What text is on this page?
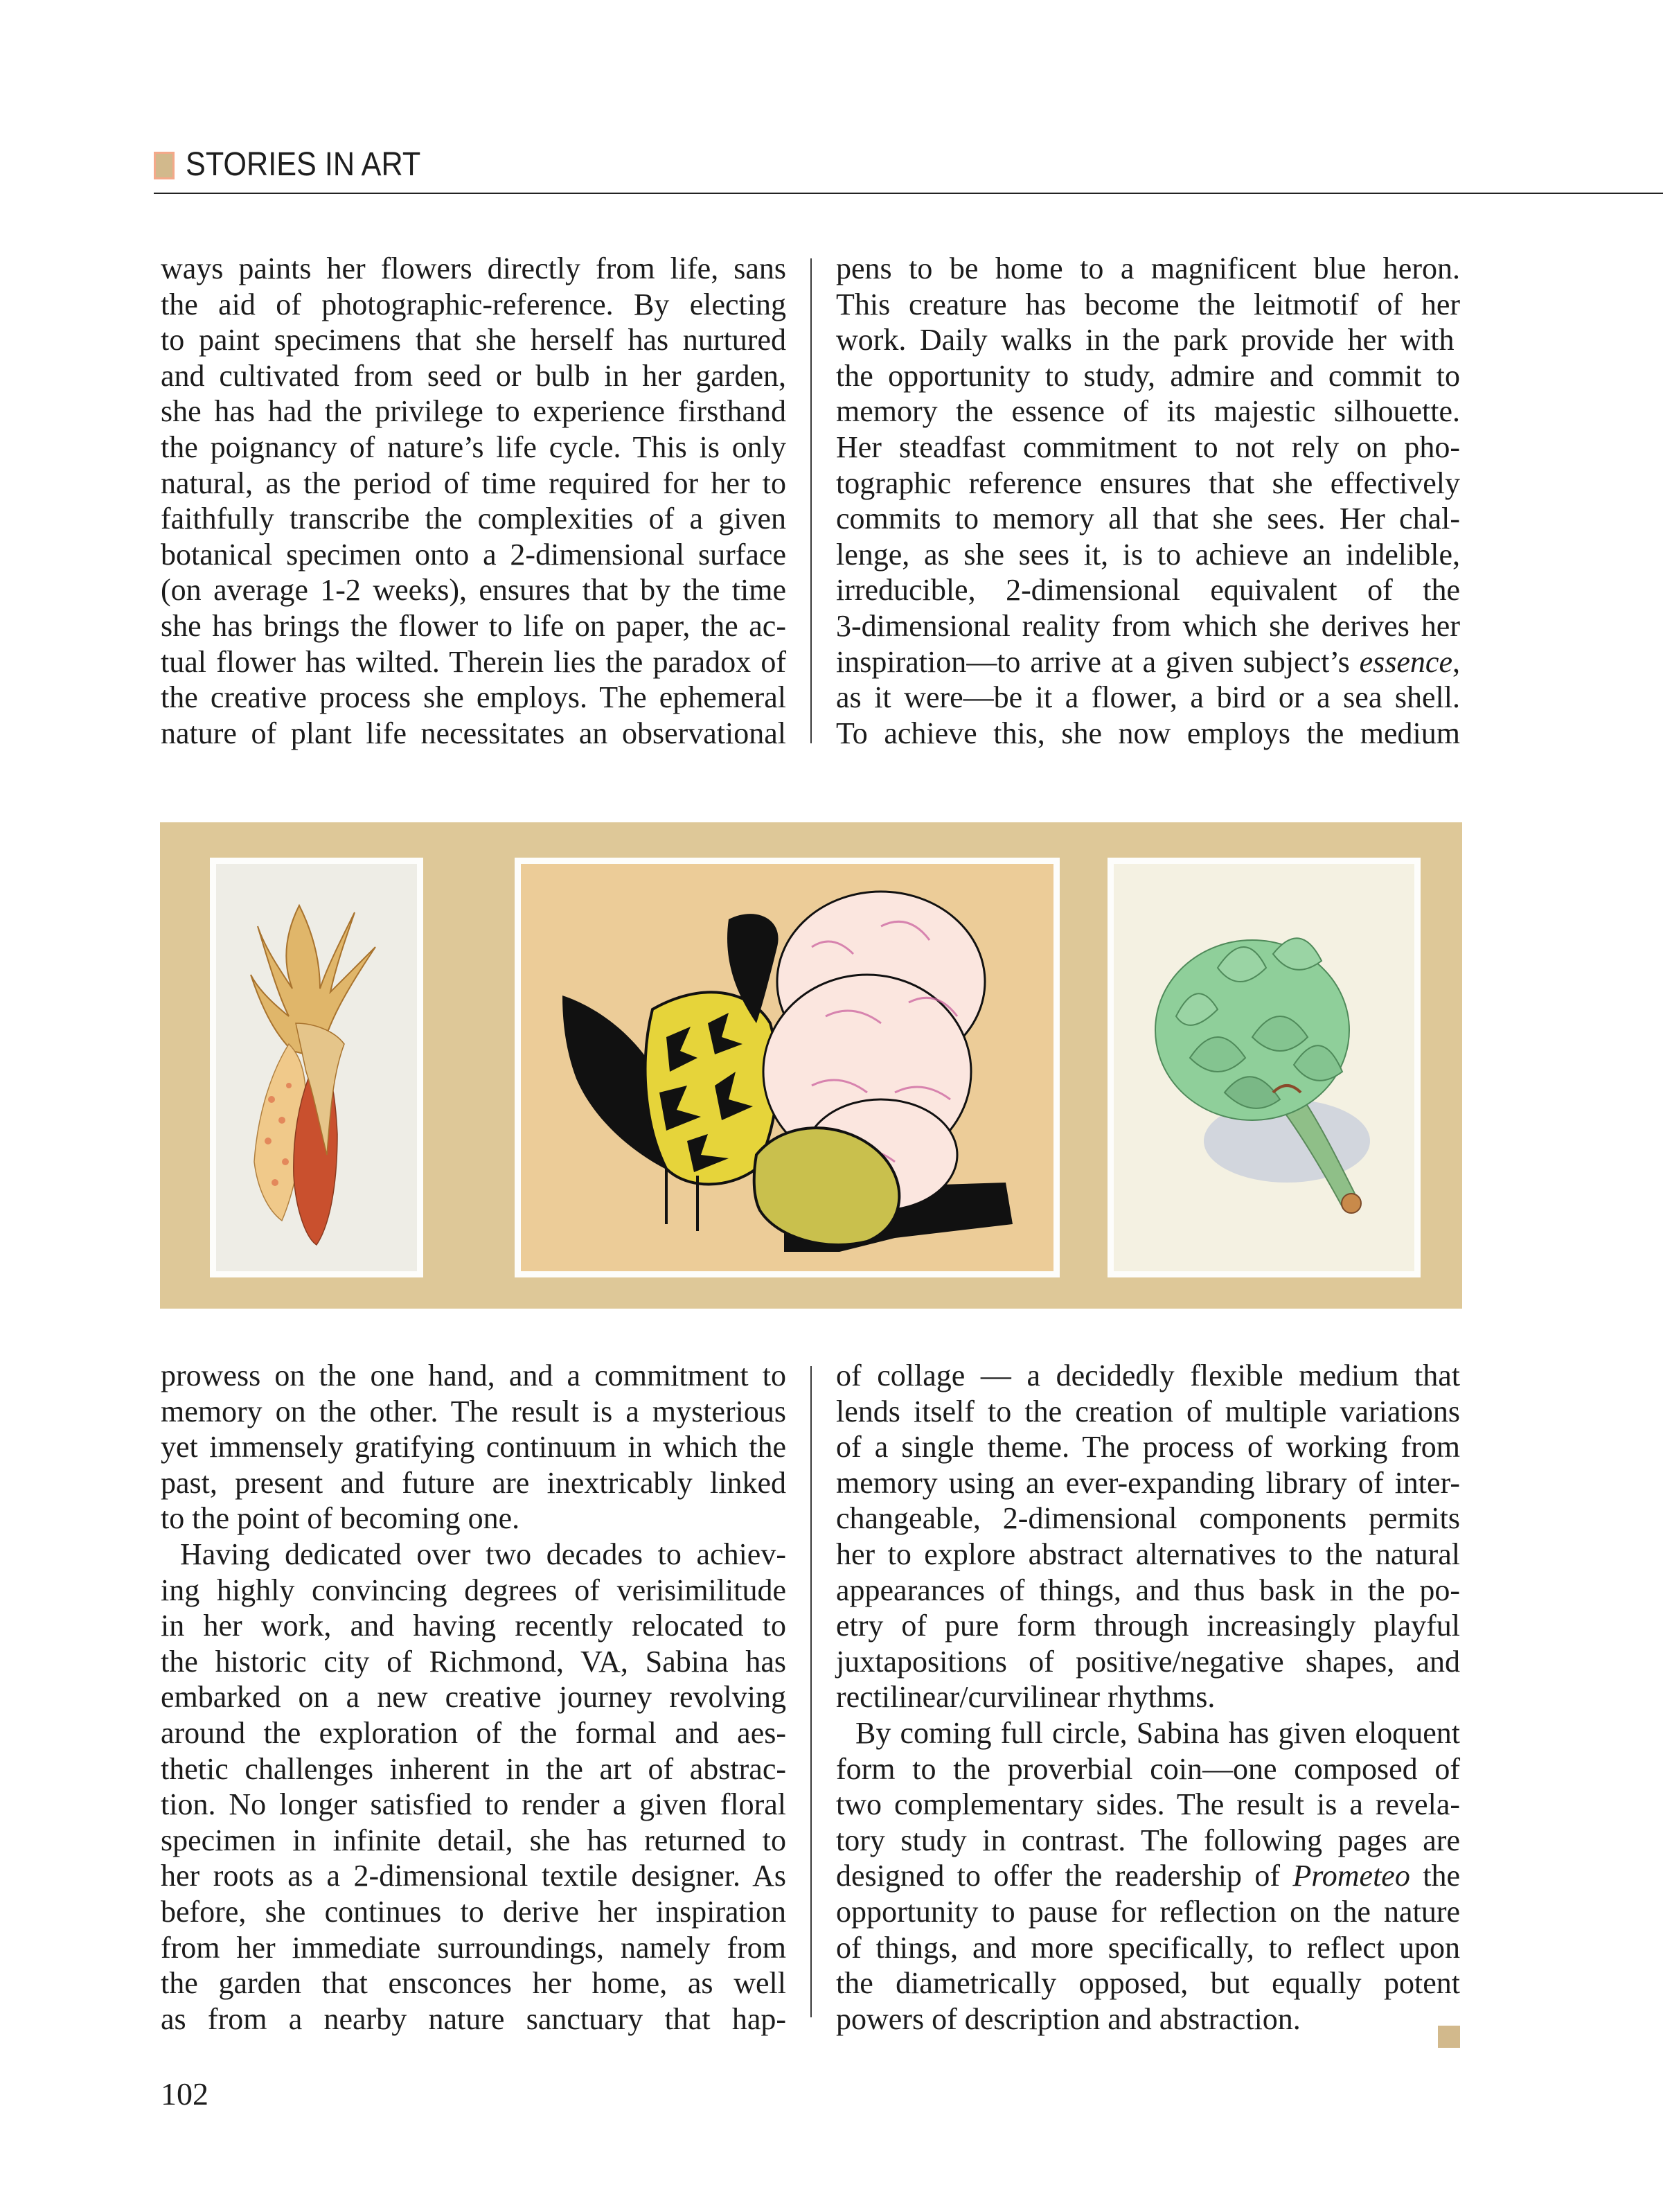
STORIES IN ART
ways paints her flowers directly from life, sans
the aid of photographic-reference. By electing
to paint specimens that she herself has nurtured
and cultivated from seed or bulb in her garden,
she has had the privilege to experience firsthand
the poignancy of nature’s life cycle. This is only
natural, as the period of time required for her to
faithfully transcribe the complexities of a given
botanical specimen onto a 2-dimensional surface
(on average 1-2 weeks), ensures that by the time
she has brings the flower to life on paper, the ac-
tual flower has wilted. Therein lies the paradox of
the creative process she employs. The ephemeral
nature of plant life necessitates an observational
pens to be home to a magnificent blue heron.
This creature has become the leitmotif of her
work. Daily walks in the park provide her with
the opportunity to study, admire and commit to
memory the essence of its majestic silhouette.
Her steadfast commitment to not rely on pho-
tographic reference ensures that she effectively
commits to memory all that she sees. Her chal-
lenge, as she sees it, is to achieve an indelible,
irreducible, 2-dimensional equivalent of the
3-dimensional reality from which she derives her
inspiration—to arrive at a given subject’s essence,
as it were—be it a flower, a bird or a sea shell.
To achieve this, she now employs the medium
prowess on the one hand, and a commitment to
memory on the other. The result is a mysterious
yet immensely gratifying continuum in which the
past, present and future are inextricably linked
to the point of becoming one.
Having dedicated over two decades to achiev-
ing highly convincing degrees of verisimilitude
in her work, and having recently relocated to
the historic city of Richmond, VA, Sabina has
embarked on a new creative journey revolving
around the exploration of the formal and aes-
thetic challenges inherent in the art of abstrac-
tion. No longer satisfied to render a given floral
specimen in infinite detail, she has returned to
her roots as a 2-dimensional textile designer. As
before, she continues to derive her inspiration
from her immediate surroundings, namely from
the garden that ensconces her home, as well
as from a nearby nature sanctuary that hap-
of collage — a decidedly flexible medium that
lends itself to the creation of multiple variations
of a single theme. The process of working from
memory using an ever-expanding library of inter-
changeable, 2-dimensional components permits
her to explore abstract alternatives to the natural
appearances of things, and thus bask in the po-
etry of pure form through increasingly playful
juxtapositions of positive/negative shapes, and
rectilinear/curvilinear rhythms.
By coming full circle, Sabina has given eloquent
form to the proverbial coin—one composed of
two complementary sides. The result is a revela-
tory study in contrast. The following pages are
designed to offer the readership of Prometeo the
opportunity to pause for reflection on the nature
of things, and more specifically, to reflect upon
the diametrically opposed, but equally potent
powers of description and abstraction.
102
